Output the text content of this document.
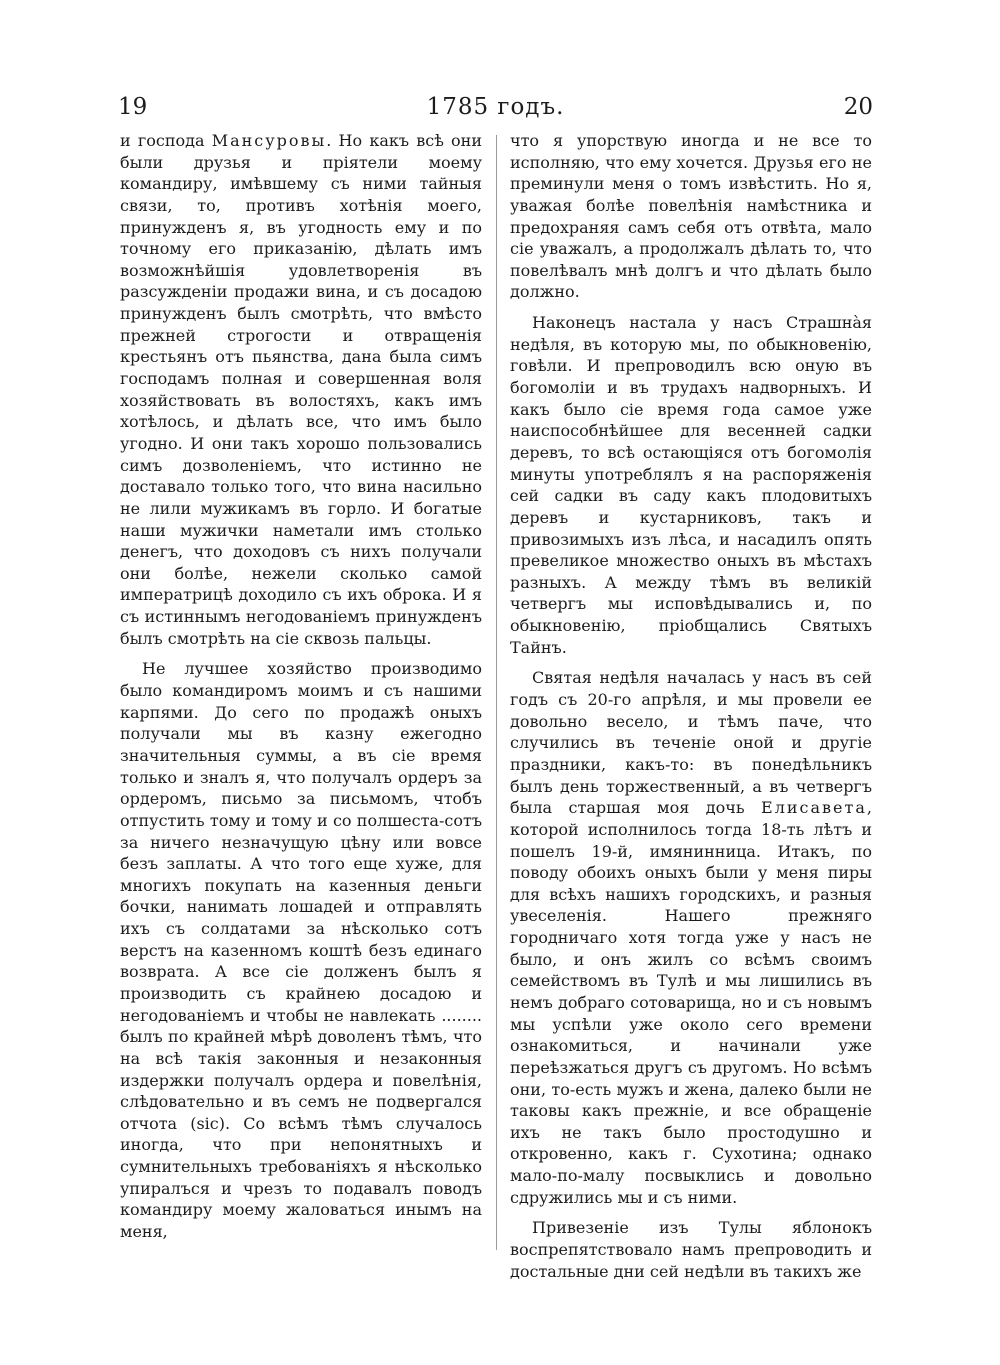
19	1785 годъ.	20

и господа Мансуровы. Но какъ всѣ они были друзья и пріятели моему командиру, имѣвшему съ ними тайныя связи, то, противъ хотѣнія моего, принужденъ я, въ угодность ему и по точному его приказанію, дѣлать имъ возможнѣйшія удовлетворенія въ разсужденіи продажи вина, и съ досадою принужденъ былъ смотрѣть, что вмѣсто прежней строгости и отвращенія крестьянъ отъ пьянства, дана была симъ господамъ полная и совершенная воля хозяйствовать въ волостяхъ, какъ имъ хотѣлось, и дѣлать все, что имъ было угодно. И они такъ хорошо пользовались симъ дозволеніемъ, что истинно не доставало только того, что вина насильно не лили мужикамъ въ горло. И богатые наши мужички наметали имъ столько денегъ, что доходовъ съ нихъ получали они болѣе, нежели сколько самой императрицѣ доходило съ ихъ оброка. И я съ истиннымъ негодованіемъ принужденъ былъ смотрѣть на сіе сквозь пальцы.

Не лучшее хозяйство производимо было командиромъ моимъ и съ нашими карпями. До сего по продажѣ оныхъ получали мы въ казну ежегодно значительныя суммы, а въ сіе время только и зналъ я, что получалъ ордеръ за ордеромъ, письмо за письмомъ, чтобъ отпустить тому и тому и со полшеста-сотъ за ничего незначущую цѣну или вовсе безъ заплаты. А что того еще хуже, для многихъ покупать на казенныя деньги бочки, нанимать лошадей и отправлять ихъ съ солдатами за нѣсколько сотъ верстъ на казенномъ коштѣ безъ единаго возврата. А все сіе долженъ былъ я производить съ крайнею досадою и негодованіемъ и чтобы не навлекать ........ былъ по крайней мѣрѣ доволенъ тѣмъ, что на всѣ такія законныя и незаконныя издержки получалъ ордера и повелѣнія, слѣдовательно и въ семъ не подвергался отчота (sic). Со всѣмъ тѣмъ случалось иногда, что при непонятныхъ и сумнительныхъ требованіяхъ я нѣсколько упиралъся и чрезъ то подавалъ поводъ командиру моему жаловаться инымъ на меня,

что я упорствую иногда и не все то исполняю, что ему хочется. Друзья его не преминули меня о томъ извѣстить. Но я, уважая болѣе повелѣнія намѣстника и предохраняя самъ себя отъ отвѣта, мало сіе уважалъ, а продолжалъ дѣлать то, что повелѣвалъ мнѣ долгъ и что дѣлать было должно.

Наконецъ настала у насъ Страшнàя недѣля, въ которую мы, по обыкновенію, говѣли. И препроводилъ всю оную въ богомоліи и въ трудахъ надворныхъ. И какъ было сіе время года самое уже наиспособнѣйшее для весенней садки деревъ, то всѣ остающіяся отъ богомолія минуты употреблялъ я на распоряженія сей садки въ саду какъ плодовитыхъ деревъ и кустарниковъ, такъ и привозимыхъ изъ лѣса, и насадилъ опять превеликое множество оныхъ въ мѣстахъ разныхъ. А между тѣмъ въ великій четвергъ мы исповѣдывались и, по обыкновенію, пріобщались Святыхъ Тайнъ.

Святая недѣля началась у насъ въ сей годъ съ 20-го апрѣля, и мы провели ее довольно весело, и тѣмъ паче, что случились въ теченіе оной и другіе праздники, какъ-то: въ понедѣльникъ былъ день торжественный, а въ четвергъ была старшая моя дочь Елисавета, которой исполнилось тогда 18-ть лѣтъ и пошелъ 19-й, имянинница. Итакъ, по поводу обоихъ оныхъ были у меня пиры для всѣхъ нашихъ городскихъ, и разныя увеселенія. Нашего прежняго городничаго хотя тогда уже у насъ не было, и онъ жилъ со всѣмъ своимъ семействомъ въ Тулѣ и мы лишились въ немъ добраго сотоварища, но и съ новымъ мы успѣли уже около сего времени ознакомиться, и начинали уже переѣзжаться другъ съ другомъ. Но всѣмъ они, то-есть мужъ и жена, далеко были не таковы какъ прежніе, и все обращеніе ихъ не такъ было простодушно и откровенно, какъ г. Сухотина; однако мало-по-малу посвыклись и довольно сдружились мы и съ ними.

Привезеніе изъ Тулы яблонокъ воспрепятствовало намъ препроводить и достальные дни сей недѣли въ такихъ же
